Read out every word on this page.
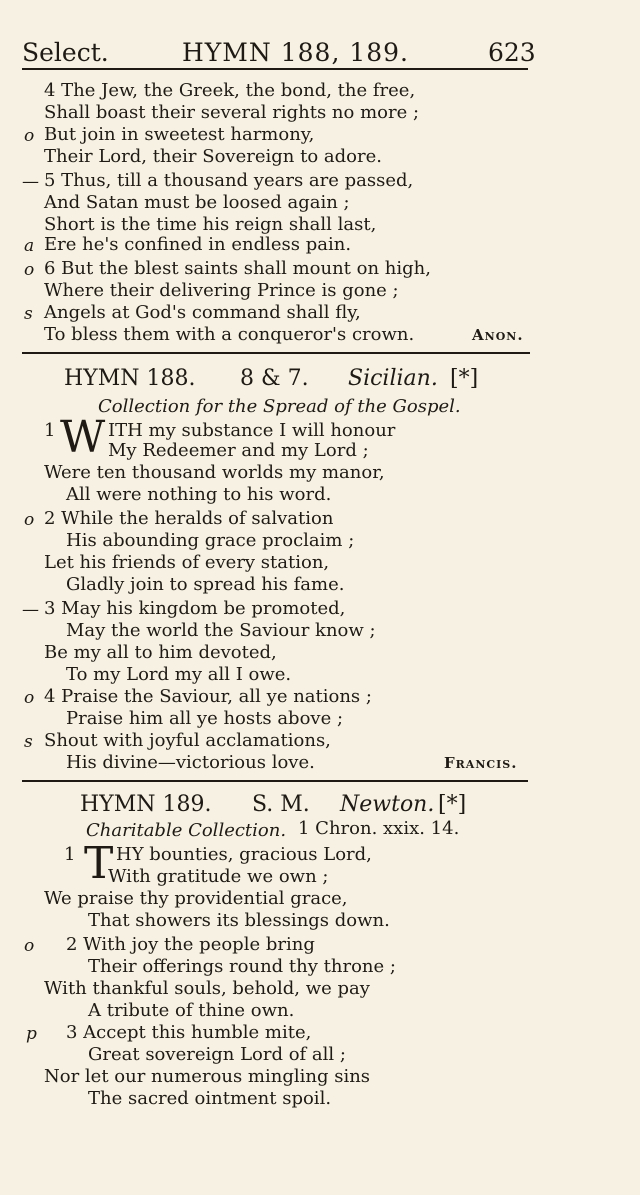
Select.	HYMN 188, 189.	623
4 The Jew, the Greek, the bond, the free,
Shall boast their several rights no more ;
o But join in sweetest harmony,
Their Lord, their Sovereign to adore.
— 5 Thus, till a thousand years are passed,
And Satan must be loosed again ;
Short is the time his reign shall last,
a Ere he's confined in endless pain.
o 6 But the blest saints shall mount on high,
Where their delivering Prince is gone ;
s Angels at God's command shall fly,
To bless them with a conqueror's crown.	Anon.
HYMN 188. 8 & 7. Sicilian. [*]
Collection for the Spread of the Gospel.
1 W ITH my substance I will honour
My Redeemer and my Lord ;
Were ten thousand worlds my manor,
All were nothing to his word.
o 2 While the heralds of salvation
His abounding grace proclaim ;
Let his friends of every station,
Gladly join to spread his fame.
— 3 May his kingdom be promoted,
May the world the Saviour know ;
Be my all to him devoted,
To my Lord my all I owe.
o 4 Praise the Saviour, all ye nations ;
Praise him all ye hosts above ;
s Shout with joyful acclamations,
His divine—victorious love.	Francis.
HYMN 189. S. M. Newton. [*]
Charitable Collection. 1 Chron. xxix. 14.
1 T HY bounties, gracious Lord,
With gratitude we own ;
We praise thy providential grace,
That showers its blessings down.
o 2 With joy the people bring
Their offerings round thy throne ;
With thankful souls, behold, we pay
A tribute of thine own.
p 3 Accept this humble mite,
Great sovereign Lord of all ;
Nor let our numerous mingling sins
The sacred ointment spoil.
